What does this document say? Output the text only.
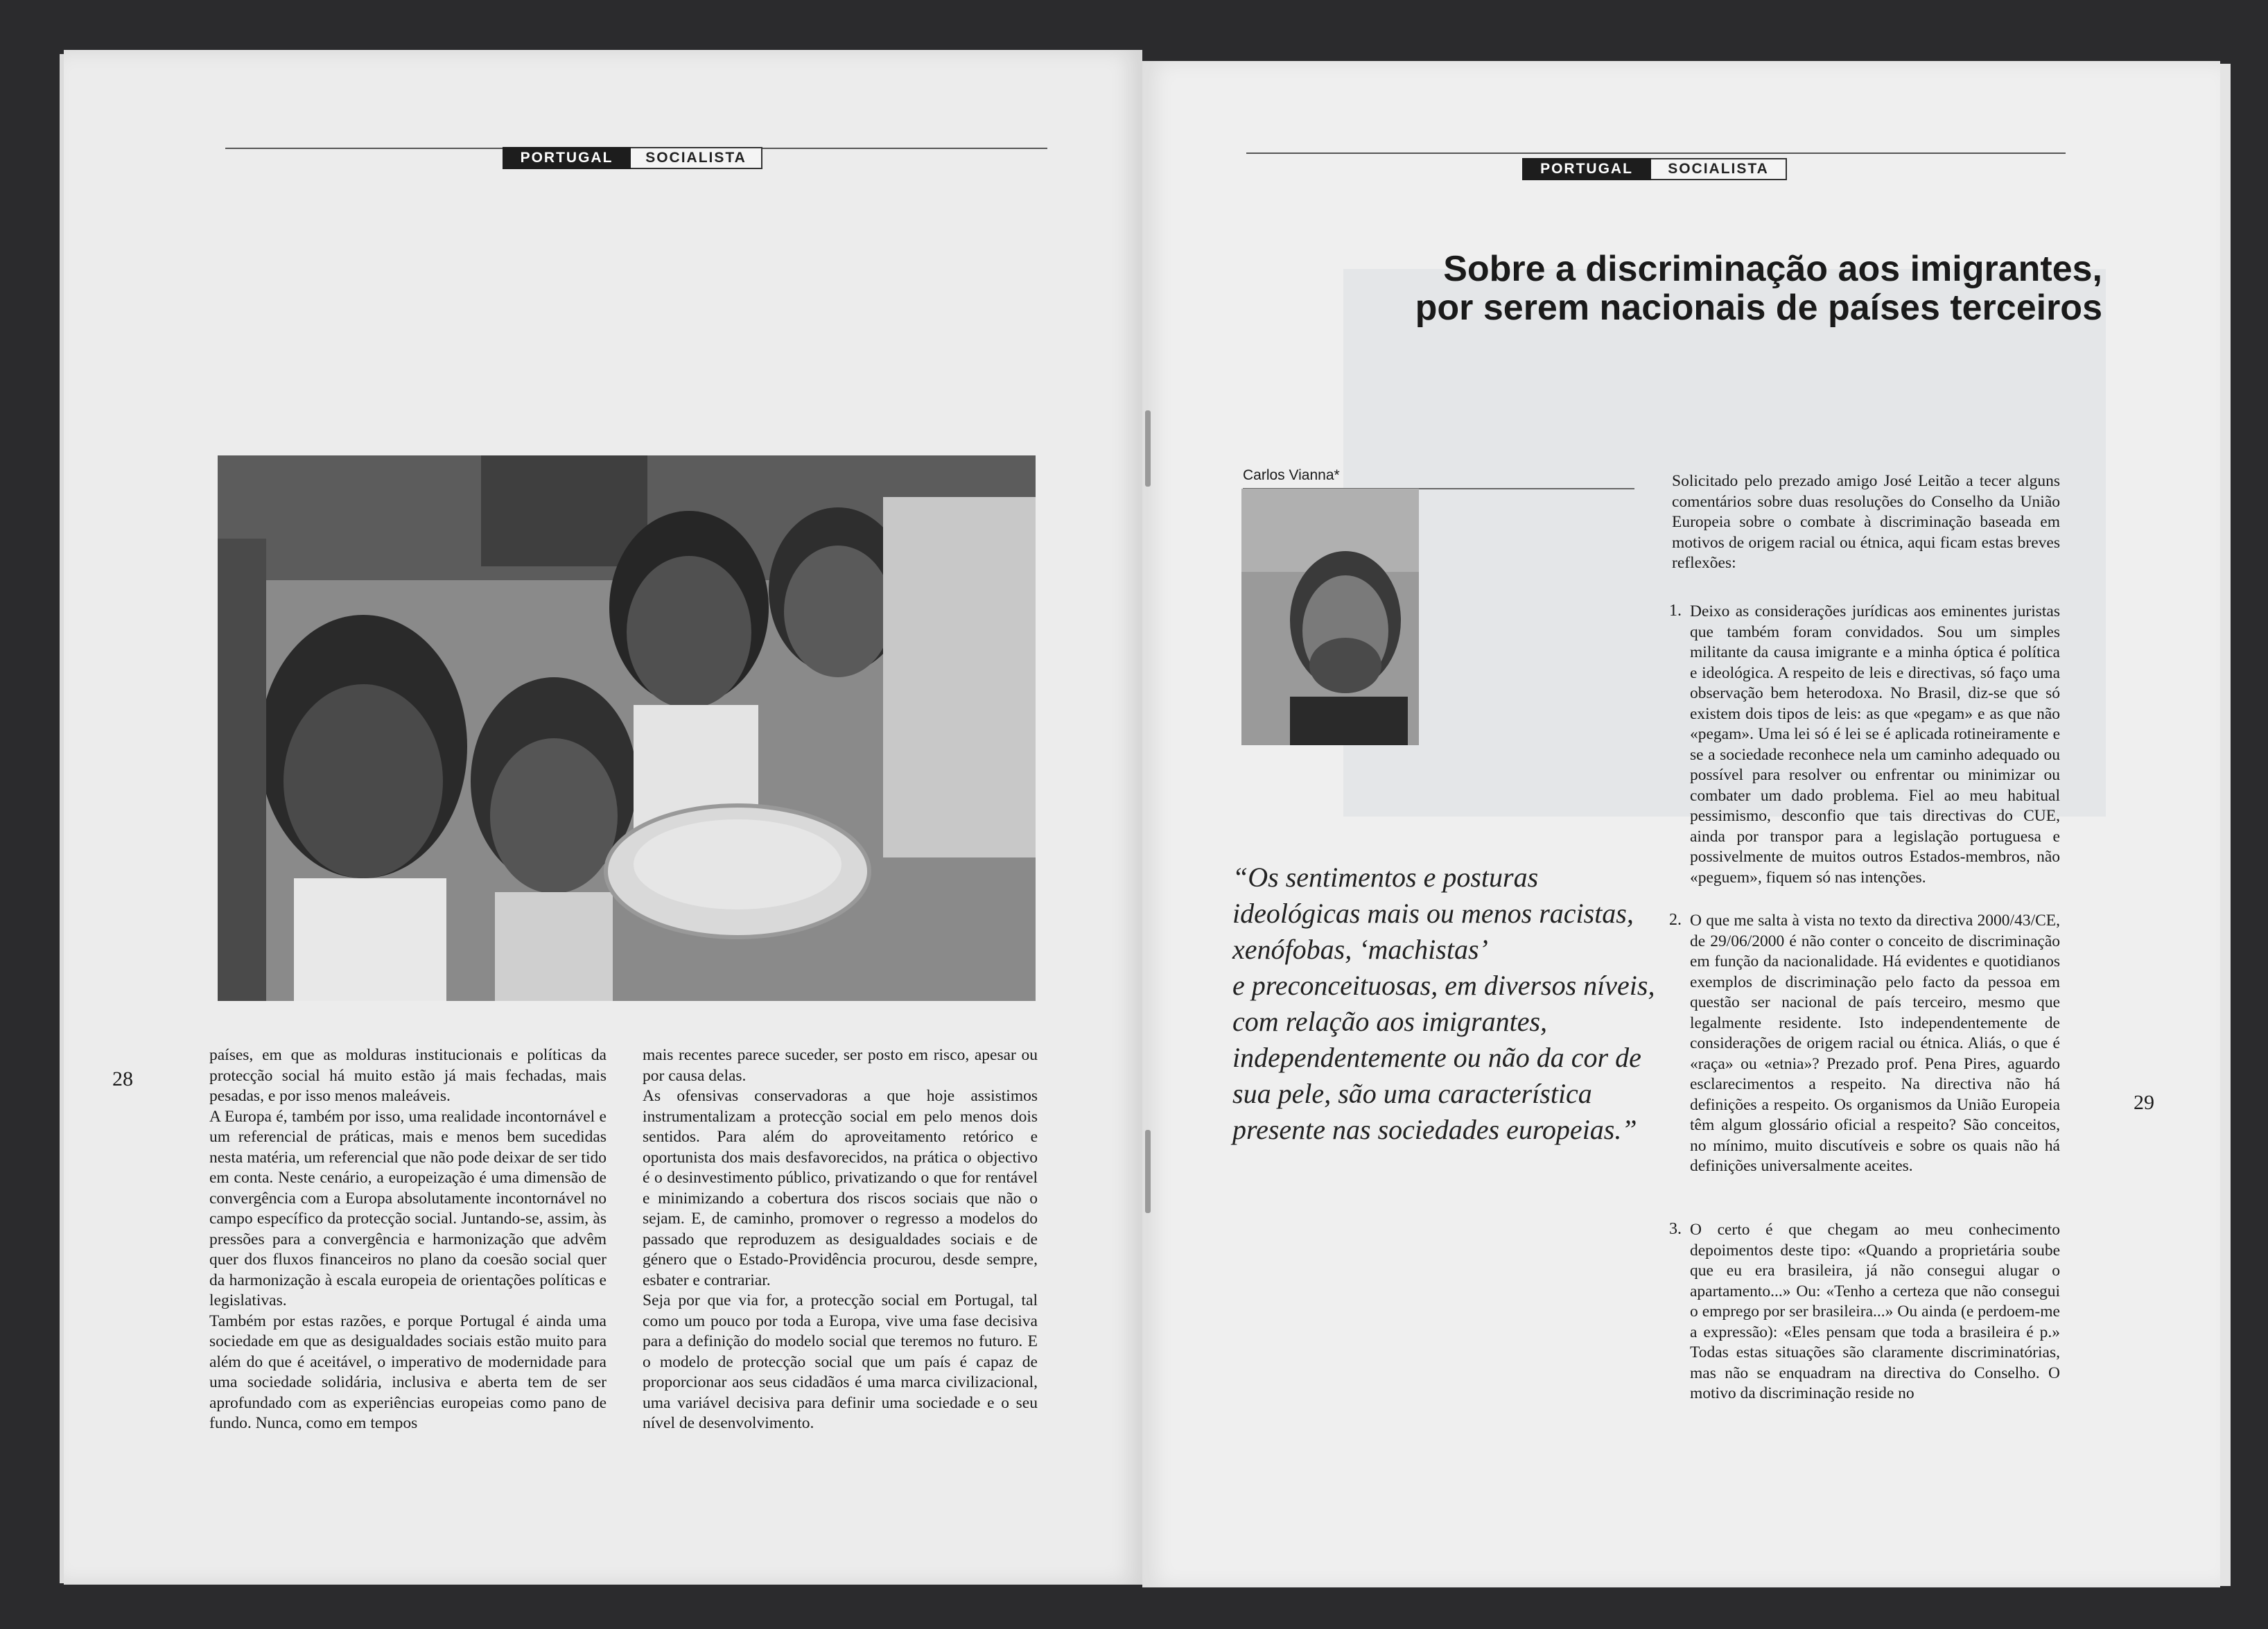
PORTUGAL	SOCIALISTA
28

países, em que as molduras institucionais e políticas da protecção social há muito estão já mais fechadas, mais pesadas, e por isso menos maleáveis.

A Europa é, também por isso, uma realidade incontornável e um referencial de práticas, mais e menos bem sucedidas nesta matéria, um referencial que não pode deixar de ser tido em conta. Neste cenário, a europeização é uma dimensão de convergência com a Europa absolutamente incontornável no campo específico da protecção social. Juntando-se, assim, às pressões para a convergência e harmonização que advêm quer dos fluxos financeiros no plano da coesão social quer da harmonização à escala europeia de orientações políticas e legislativas.

Também por estas razões, e porque Portugal é ainda uma sociedade em que as desigualdades sociais estão muito para além do que é aceitável, o imperativo de modernidade para uma sociedade solidária, inclusiva e aberta tem de ser aprofundado com as experiências europeias como pano de fundo. Nunca, como em tempos

mais recentes parece suceder, ser posto em risco, apesar ou por causa delas.

As ofensivas conservadoras a que hoje assistimos instrumentalizam a protecção social em pelo menos dois sentidos. Para além do aproveitamento retórico e oportunista dos mais desfavorecidos, na prática o objectivo é o desinvestimento público, privatizando o que for rentável e minimizando a cobertura dos riscos sociais que não o sejam. E, de caminho, promover o regresso a modelos do passado que reproduzem as desigualdades sociais e de género que o Estado-Providência procurou, desde sempre, esbater e contrariar.

Seja por que via for, a protecção social em Portugal, tal como um pouco por toda a Europa, vive uma fase decisiva para a definição do modelo social que teremos no futuro. E o modelo de protecção social que um país é capaz de proporcionar aos seus cidadãos é uma marca civilizacional, uma variável decisiva para definir uma sociedade e o seu nível de desenvolvimento.

PORTUGAL	SOCIALISTA
Sobre a discriminação aos imigrantes,
por serem nacionais de países terceiros
Carlos Vianna*
“Os sentimentos e posturas
ideológicas mais ou menos racistas,
xenófobas, ‘machistas’
e preconceituosas, em diversos níveis,
com relação aos imigrantes,
independentemente ou não da cor de
sua pele, são uma característica
presente nas sociedades europeias.”
Solicitado pelo prezado amigo José Leitão a tecer alguns comentários sobre duas resoluções do Conselho da União Europeia sobre o combate à discriminação baseada em motivos de origem racial ou étnica, aqui ficam estas breves reflexões:
1. Deixo as considerações jurídicas aos eminentes juristas que também foram convidados. Sou um simples militante da causa imigrante e a minha óptica é política e ideológica. A respeito de leis e directivas, só faço uma observação bem heterodoxa. No Brasil, diz-se que só existem dois tipos de leis: as que «pegam» e as que não «pegam». Uma lei só é lei se é aplicada rotineiramente e se a sociedade reconhece nela um caminho adequado ou possível para resolver ou enfrentar ou minimizar ou combater um dado problema. Fiel ao meu habitual pessimismo, desconfio que tais directivas do CUE, ainda por transpor para a legislação portuguesa e possivelmente de muitos outros Estados-membros, não «peguem», fiquem só nas intenções.
2. O que me salta à vista no texto da directiva 2000/43/CE, de 29/06/2000 é não conter o conceito de discriminação em função da nacionalidade. Há evidentes e quotidianos exemplos de discriminação pelo facto da pessoa em questão ser nacional de país terceiro, mesmo que legalmente residente. Isto independentemente de considerações de origem racial ou étnica. Aliás, o que é «raça» ou «etnia»? Prezado prof. Pena Pires, aguardo esclarecimentos a respeito. Na directiva não há definições a respeito. Os organismos da União Europeia têm algum glossário oficial a respeito? São conceitos, no mínimo, muito discutíveis e sobre os quais não há definições universalmente aceites.
3. O certo é que chegam ao meu conhecimento depoimentos deste tipo: «Quando a proprietária soube que eu era brasileira, já não consegui alugar o apartamento...» Ou: «Tenho a certeza que não consegui o emprego por ser brasileira...» Ou ainda (e perdoem-me a expressão): «Eles pensam que toda a brasileira é p.» Todas estas situações são claramente discriminatórias, mas não se enquadram na directiva do Conselho. O motivo da discriminação reside no
29
